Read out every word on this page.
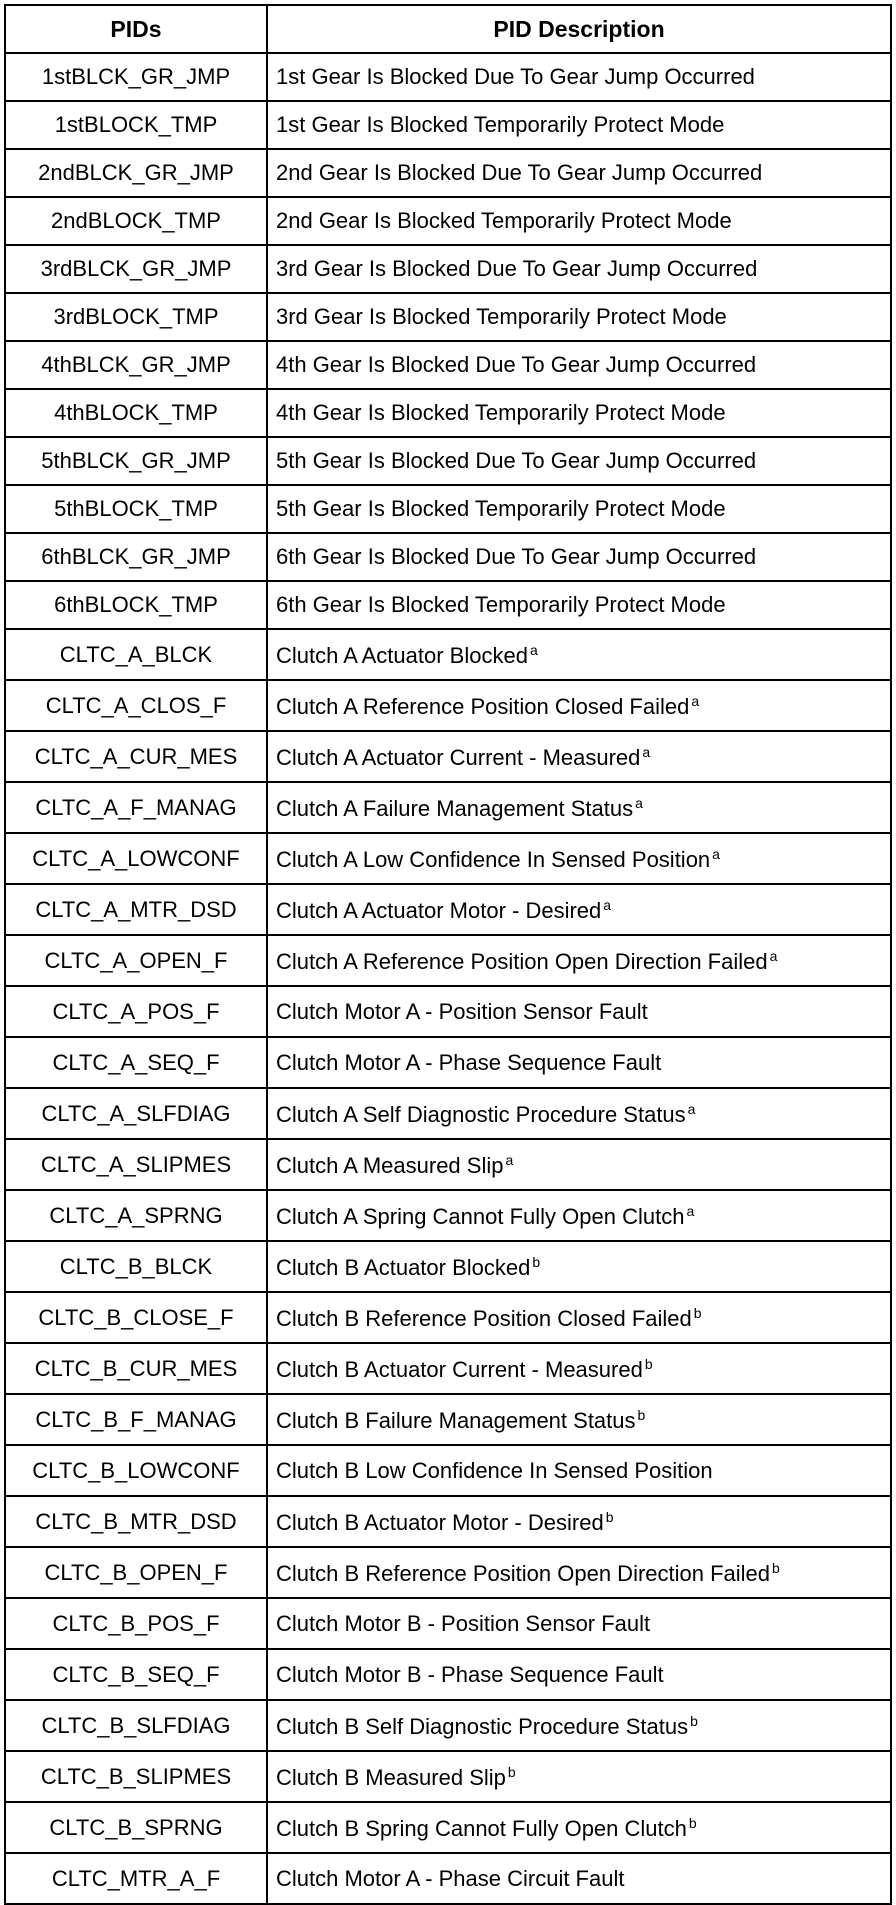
PIDs	PID Description
1stBLCK_GR_JMP	1st Gear Is Blocked Due To Gear Jump Occurred
1stBLOCK_TMP	1st Gear Is Blocked Temporarily Protect Mode
2ndBLCK_GR_JMP	2nd Gear Is Blocked Due To Gear Jump Occurred
2ndBLOCK_TMP	2nd Gear Is Blocked Temporarily Protect Mode
3rdBLCK_GR_JMP	3rd Gear Is Blocked Due To Gear Jump Occurred
3rdBLOCK_TMP	3rd Gear Is Blocked Temporarily Protect Mode
4thBLCK_GR_JMP	4th Gear Is Blocked Due To Gear Jump Occurred
4thBLOCK_TMP	4th Gear Is Blocked Temporarily Protect Mode
5thBLCK_GR_JMP	5th Gear Is Blocked Due To Gear Jump Occurred
5thBLOCK_TMP	5th Gear Is Blocked Temporarily Protect Mode
6thBLCK_GR_JMP	6th Gear Is Blocked Due To Gear Jump Occurred
6thBLOCK_TMP	6th Gear Is Blocked Temporarily Protect Mode
CLTC_A_BLCK	Clutch A Actuator Blocked $^a$
CLTC_A_CLOS_F	Clutch A Reference Position Closed Failed $^a$
CLTC_A_CUR_MES	Clutch A Actuator Current - Measured $^a$
CLTC_A_F_MANAG	Clutch A Failure Management Status $^a$
CLTC_A_LOWCONF	Clutch A Low Confidence In Sensed Position $^a$
CLTC_A_MTR_DSD	Clutch A Actuator Motor - Desired $^a$
CLTC_A_OPEN_F	Clutch A Reference Position Open Direction Failed $^a$
CLTC_A_POS_F	Clutch Motor A - Position Sensor Fault
CLTC_A_SEQ_F	Clutch Motor A - Phase Sequence Fault
CLTC_A_SLFDIAG	Clutch A Self Diagnostic Procedure Status $^a$
CLTC_A_SLIPMES	Clutch A Measured Slip $^a$
CLTC_A_SPRNG	Clutch A Spring Cannot Fully Open Clutch $^a$
CLTC_B_BLCK	Clutch B Actuator Blocked $^b$
CLTC_B_CLOSE_F	Clutch B Reference Position Closed Failed $^b$
CLTC_B_CUR_MES	Clutch B Actuator Current - Measured $^b$
CLTC_B_F_MANAG	Clutch B Failure Management Status $^b$
CLTC_B_LOWCONF	Clutch B Low Confidence In Sensed Position
CLTC_B_MTR_DSD	Clutch B Actuator Motor - Desired $^b$
CLTC_B_OPEN_F	Clutch B Reference Position Open Direction Failed $^b$
CLTC_B_POS_F	Clutch Motor B - Position Sensor Fault
CLTC_B_SEQ_F	Clutch Motor B - Phase Sequence Fault
CLTC_B_SLFDIAG	Clutch B Self Diagnostic Procedure Status $^b$
CLTC_B_SLIPMES	Clutch B Measured Slip $^b$
CLTC_B_SPRNG	Clutch B Spring Cannot Fully Open Clutch $^b$
CLTC_MTR_A_F	Clutch Motor A - Phase Circuit Fault
